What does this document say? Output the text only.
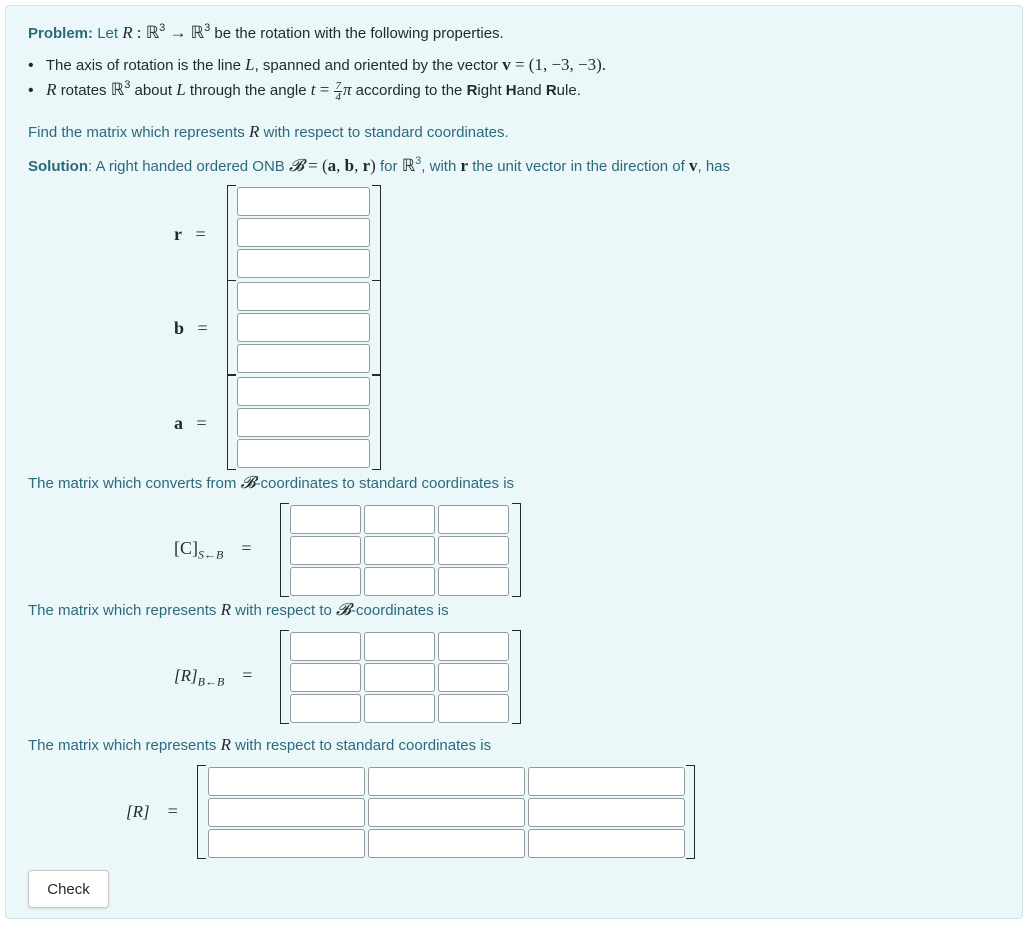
Problem: Let R : ℝ$^3$ → ℝ$^3$ be the rotation with the following properties.
• The axis of rotation is the line L, spanned and oriented by the vector v = (1, −3, −3).
• R rotates ℝ$^3$ about L through the angle $t = \frac{7}{4}$ π according to the Right Hand Rule.
Find the matrix which represents R with respect to standard coordinates.
Solution: A right handed ordered ONB 𝓑 = (a, b, r) for ℝ$^3$, with r the unit vector in the direction of v, has
r =
b =
a =
The matrix which converts from 𝓑-coordinates to standard coordinates is
$[C]_{S\leftarrow B}$ =
The matrix which represents R with respect to 𝓑-coordinates is
$[R]_{B\leftarrow B}$ =
The matrix which represents R with respect to standard coordinates is
[R] =
Check
